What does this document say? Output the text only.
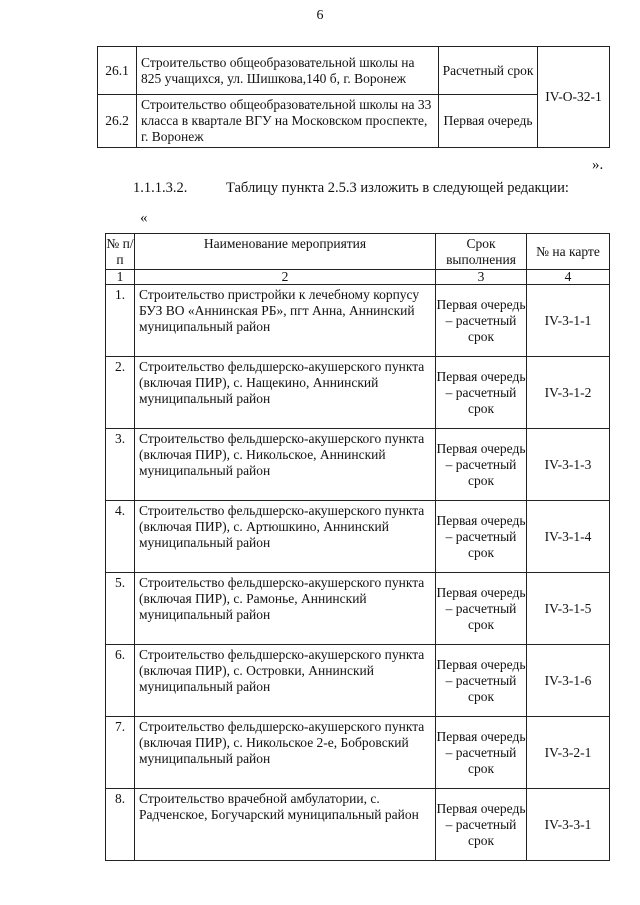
6
26.1	Строительство общеобразовательной школы на 825 учащихся, ул. Шишкова,140 б, г. Воронеж	Расчетный срок	IV-O-32-1
26.2	Строительство общеобразовательной школы на 33 класса в квартале ВГУ на Московском проспекте, г. Воронеж	Первая очередь	
».
1.1.1.3.2.	Таблицу пункта 2.5.3 изложить в следующей редакции:
«
№ п/п	Наименование мероприятия	Срок выполнения	№ на карте
1	2	3	4
1.	Строительство пристройки к лечебному корпусу БУЗ ВО «Аннинская РБ», пгт Анна, Аннинский муниципальный район	Первая очередь – расчетный срок	IV-3-1-1
2.	Строительство фельдшерско-акушерского пункта (включая ПИР), с. Нащекино, Аннинский муниципальный район	Первая очередь – расчетный срок	IV-3-1-2
3.	Строительство фельдшерско-акушерского пункта (включая ПИР), с. Никольское, Аннинский муниципальный район	Первая очередь – расчетный срок	IV-3-1-3
4.	Строительство фельдшерско-акушерского пункта (включая ПИР), с. Артюшкино, Аннинский муниципальный район	Первая очередь – расчетный срок	IV-3-1-4
5.	Строительство фельдшерско-акушерского пункта (включая ПИР), с. Рамонье, Аннинский муниципальный район	Первая очередь – расчетный срок	IV-3-1-5
6.	Строительство фельдшерско-акушерского пункта (включая ПИР), с. Островки, Аннинский муниципальный район	Первая очередь – расчетный срок	IV-3-1-6
7.	Строительство фельдшерско-акушерского пункта (включая ПИР), с. Никольское 2-е, Бобровский муниципальный район	Первая очередь – расчетный срок	IV-3-2-1
8.	Строительство врачебной амбулатории, с. Радченское, Богучарский муниципальный район	Первая очередь – расчетный срок	IV-3-3-1
